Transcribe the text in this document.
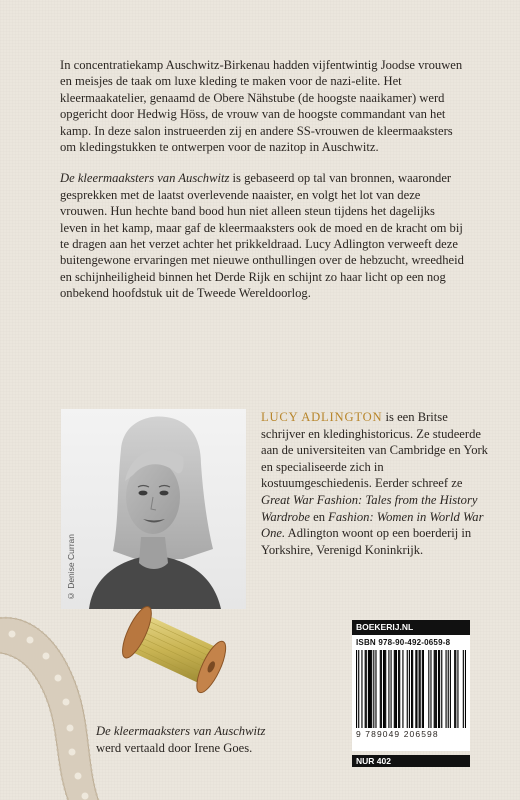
In concentratiekamp Auschwitz-Birkenau hadden vijfentwintig Joodse vrouwen en meisjes de taak om luxe kleding te maken voor de nazi-elite. Het kleermaakatelier, genaamd de Obere Nähstube (de hoogste naaikamer) werd opgericht door Hedwig Höss, de vrouw van de hoogste commandant van het kamp. In deze salon instrueerden zij en andere SS-vrouwen de kleermaaksters om kledingstukken te ontwerpen voor de nazitop in Auschwitz.

De kleermaaksters van Auschwitz is gebaseerd op tal van bronnen, waaronder gesprekken met de laatst overlevende naaister, en volgt het lot van deze vrouwen. Hun hechte band bood hun niet alleen steun tijdens het dagelijks leven in het kamp, maar gaf de kleermaaksters ook de moed en de kracht om bij te dragen aan het verzet achter het prikkeldraad. Lucy Adlington verweeft deze buitengewone ervaringen met nieuwe onthullingen over de hebzucht, wreedheid en schijnheiligheid binnen het Derde Rijk en schijnt zo haar licht op een nog onbekend hoofdstuk uit de Tweede Wereldoorlog.

© Denise Curran
LUCY ADLINGTON is een Britse schrijver en kledinghistoricus. Ze studeerde aan de universiteiten van Cambridge en York en specialiseerde zich in kostuumgeschiedenis. Eerder schreef ze Great War Fashion: Tales from the History Wardrobe en Fashion: Women in World War One. Adlington woont op een boerderij in Yorkshire, Verenigd Koninkrijk.
De kleermaaksters van Auschwitz
werd vertaald door Irene Goes.
BOEKERIJ.NL
ISBN 978-90-492-0659-8
9 789049 206598
NUR 402
